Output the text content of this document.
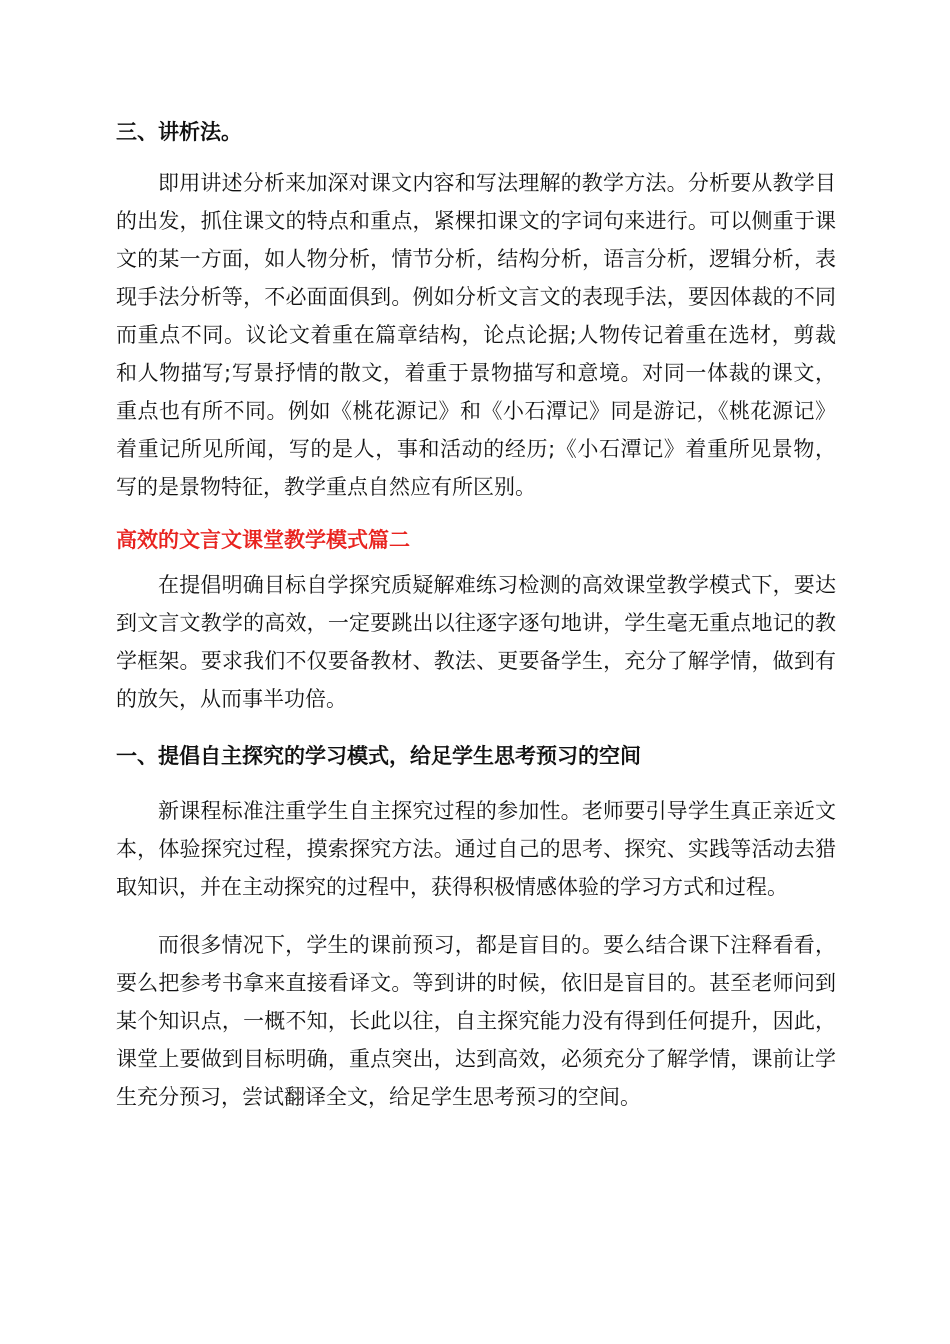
三、讲析法。

即用讲述分析来加深对课文内容和写法理解的教学方法。分析要从教学目的出发，抓住课文的特点和重点，紧棵扣课文的字词句来进行。可以侧重于课文的某一方面，如人物分析，情节分析，结构分析，语言分析，逻辑分析，表现手法分析等，不必面面俱到。例如分析文言文的表现手法，要因体裁的不同而重点不同。议论文着重在篇章结构，论点论据;人物传记着重在选材，剪裁和人物描写;写景抒情的散文，着重于景物描写和意境。对同一体裁的课文，重点也有所不同。例如《桃花源记》和《小石潭记》同是游记，《桃花源记》着重记所见所闻，写的是人，事和活动的经历;《小石潭记》着重所见景物，写的是景物特征，教学重点自然应有所区别。

高效的文言文课堂教学模式篇二

在提倡明确目标自学探究质疑解难练习检测的高效课堂教学模式下，要达到文言文教学的高效，一定要跳出以往逐字逐句地讲，学生毫无重点地记的教学框架。要求我们不仅要备教材、教法、更要备学生，充分了解学情，做到有的放矢，从而事半功倍。

一、提倡自主探究的学习模式，给足学生思考预习的空间

新课程标准注重学生自主探究过程的参加性。老师要引导学生真正亲近文本，体验探究过程，摸索探究方法。通过自己的思考、探究、实践等活动去猎取知识，并在主动探究的过程中，获得积极情感体验的学习方式和过程。

而很多情况下，学生的课前预习，都是盲目的。要么结合课下注释看看，要么把参考书拿来直接看译文。等到讲的时候，依旧是盲目的。甚至老师问到某个知识点，一概不知，长此以往，自主探究能力没有得到任何提升，因此，课堂上要做到目标明确，重点突出，达到高效，必须充分了解学情，课前让学生充分预习，尝试翻译全文，给足学生思考预习的空间。
